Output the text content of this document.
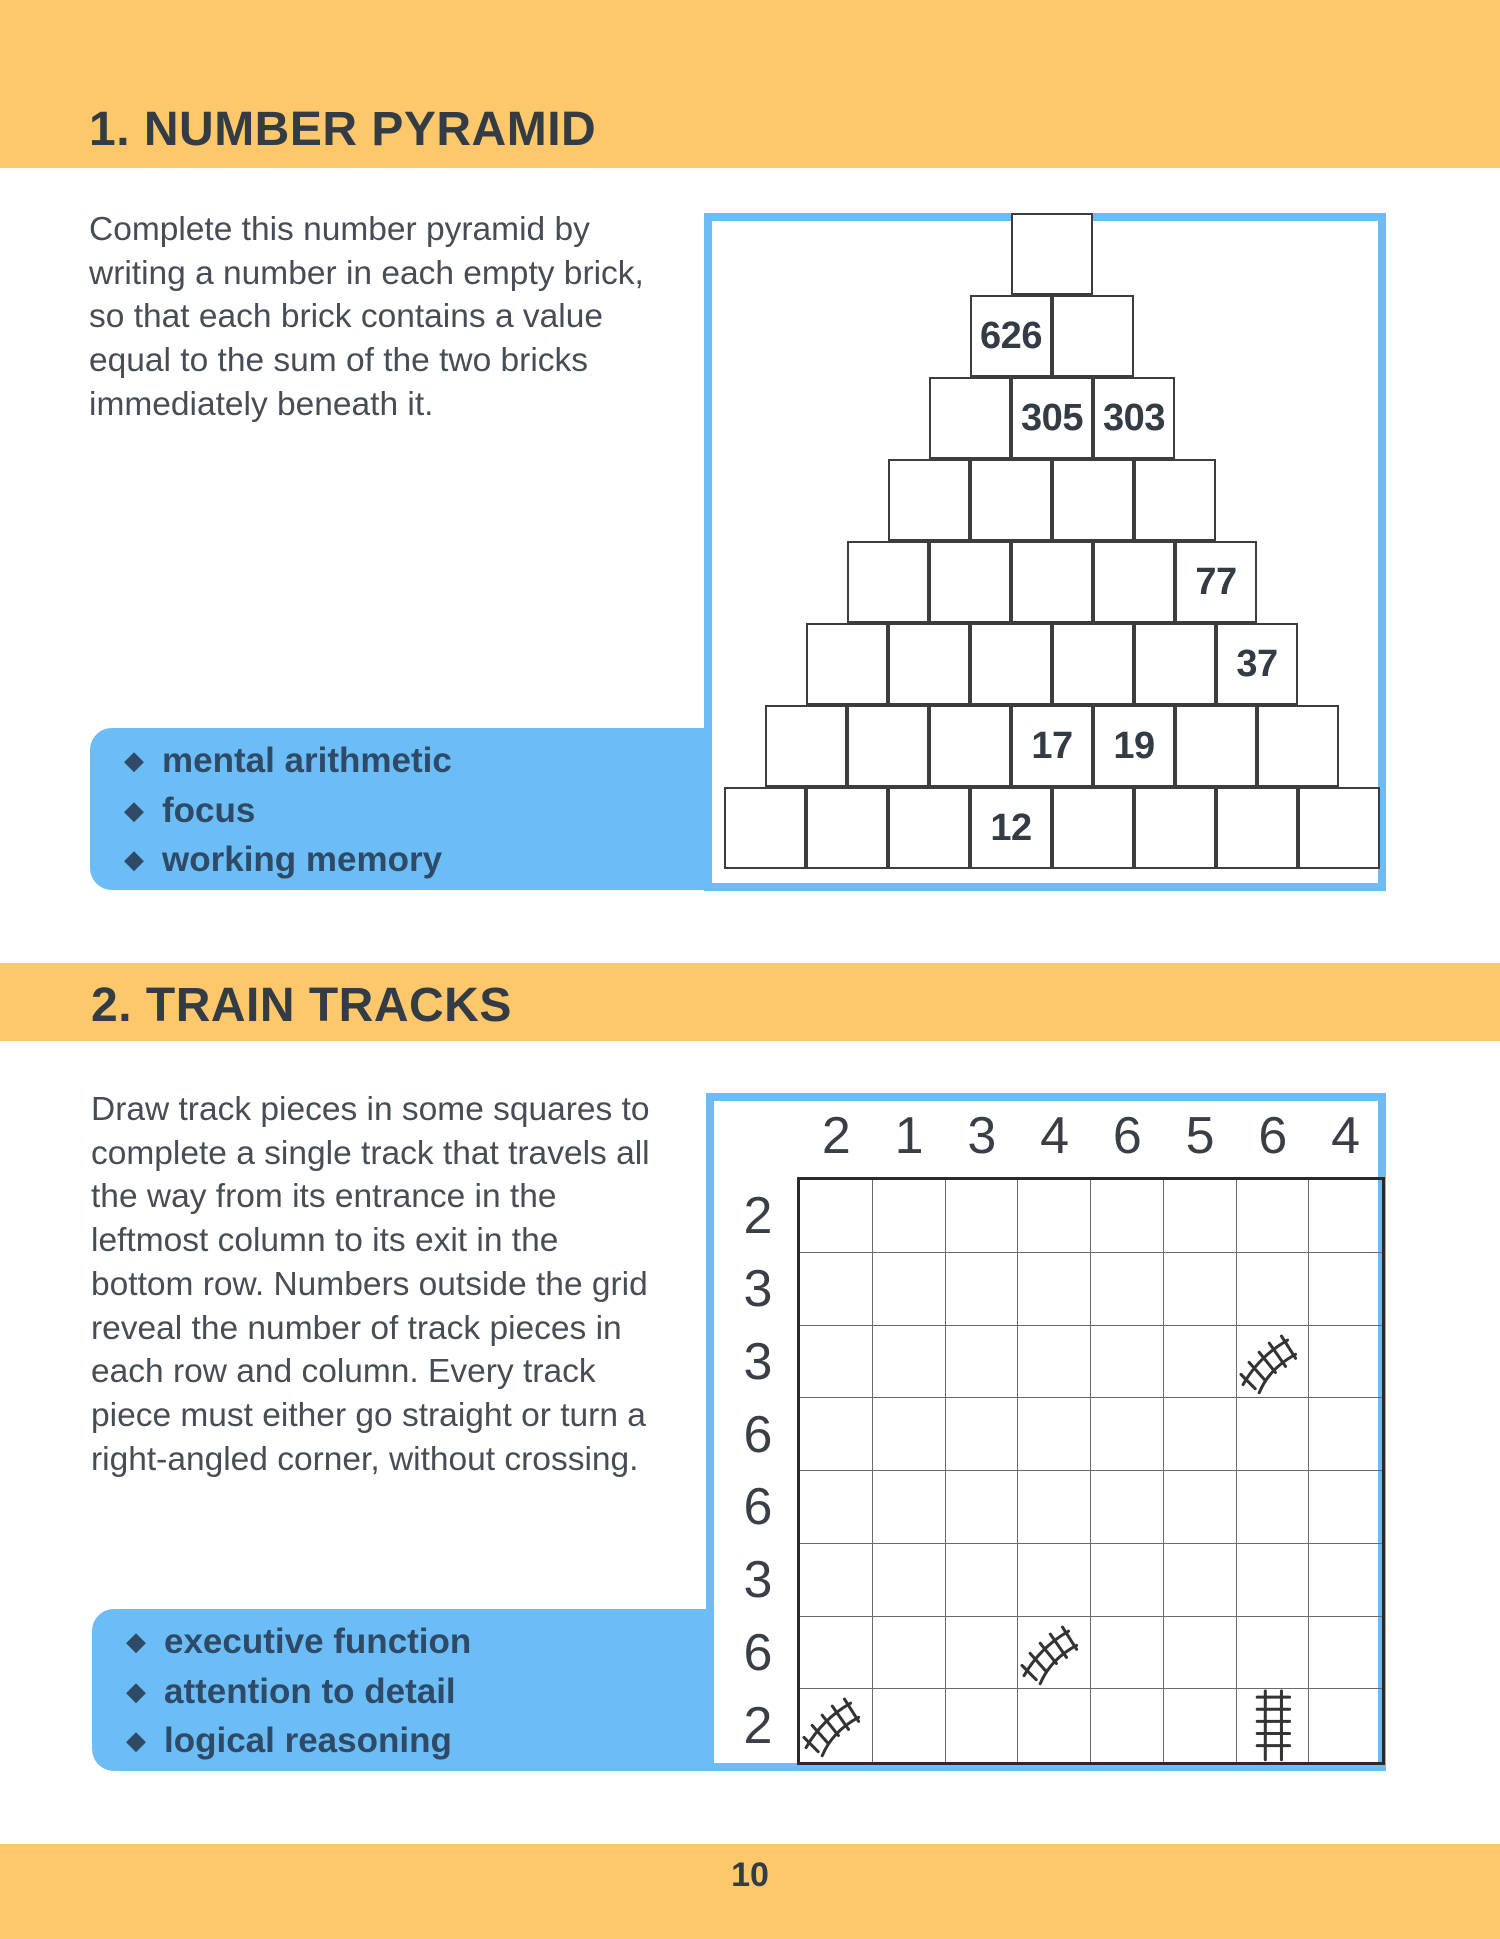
1. NUMBER PYRAMID

Complete this number pyramid by writing a number in each empty brick, so that each brick contains a value equal to the sum of the two bricks immediately beneath it.

◆ mental arithmetic
◆ focus
◆ working memory
626
305 303
77
37
17	19
12
2. TRAIN TRACKS

Draw track pieces in some squares to complete a single track that travels all the way from its entrance in the leftmost column to its exit in the bottom row. Numbers outside the grid reveal the number of track pieces in each row and column. Every track piece must either go straight or turn a right-angled corner, without crossing.

◆ executive function
◆ attention to detail
◆ logical reasoning
2 1 3 4 6 5 6 4
2
3
3
6
6
3
6
2
10
